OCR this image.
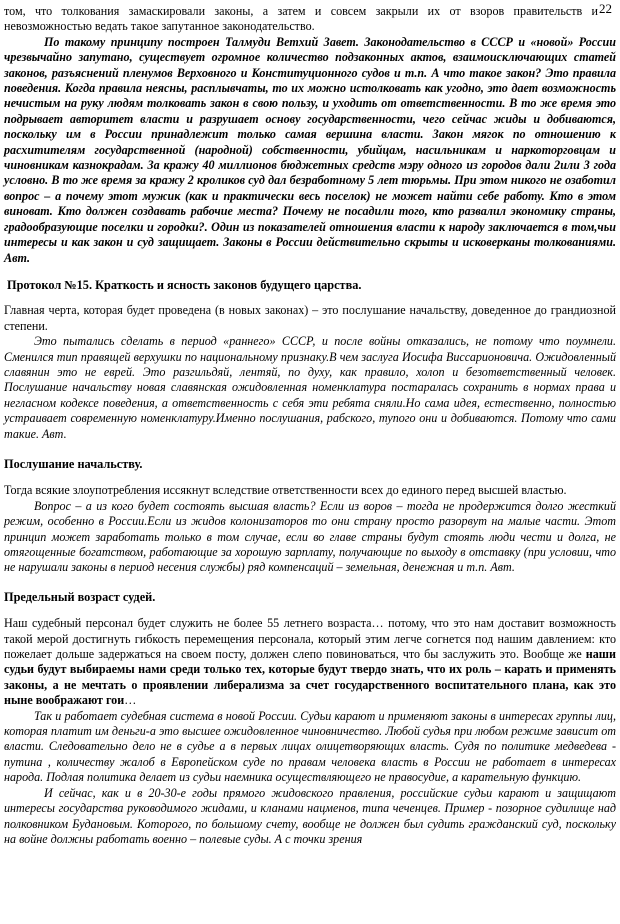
22

том, что толкования замаскировали законы, а затем и совсем закрыли их от взоров правительств и невозможностью ведать такое запутанное законодательство.

По такому принципу построен Талмуди Ветхий Завет. Законодательство в СССР и «новой» России чрезвычайно запутано, существует огромное количество подзаконных актов, взаимоисключающих статей законов, разъяснений пленумов Верховного и Конституционного судов и т.п. А что такое закон? Это правила поведения. Когда правила неясны, расплывчаты, то их можно истолковать как угодно, это дает возможность нечистым на руку людям толковать закон в свою пользу, и уходить от ответственности. В то же время это подрывает авторитет власти и разрушает основу государственности, чего сейчас жиды и добиваются, поскольку им в России принадлежит только самая вершина власти. Закон мягок по отношению к расхитителям государственной (народной) собственности, убийцам, насильникам и наркоторговцам и чиновникам казнокрадам. За кражу 40 миллионов бюджетных средств мэру одного из городов дали 2или 3 года условно. В то же время за кражу 2 кроликов суд дал безработному 5 лет тюрьмы. При этом никого не озаботил вопрос – а почему этот мужик (как и практически весь поселок) не может найти себе работу. Кто в этом виноват. Кто должен создавать рабочие места? Почему не посадили того, кто развалил экономику страны, градообразующие поселки и городки?. Один из показателей отношения власти к народу заключается в том,чьи интересы и как закон и суд защищает. Законы в России действительно скрыты и исковерканы толкованиями. Авт.

Протокол №15. Краткость и ясность законов будущего царства.

Главная черта, которая будет проведена (в новых законах) – это послушание начальству, доведенное до грандиозной степени.

Это пытались сделать в период «раннего» СССР, и после войны отказались, не потому что поумнели. Сменился тип правящей верхушки по национальному признаку.В чем заслуга Иосифа Виссарионовича. Ожидовленный славянин это не еврей. Это разгильдяй, лентяй, по духу, как правило, холоп и безответственный человек. Послушание начальству новая славянская ожидовленная номенклатура постаралась сохранить в нормах права и негласном кодексе поведения, а ответственность с себя эти ребята сняли.Но сама идея, естественно, полностью устраивает современную номенклатуру.Именно послушания, рабского, тупого они и добиваются. Потому что сами такие. Авт.

Послушание начальству.

Тогда всякие злоупотребления иссякнут вследствие ответственности всех до единого перед высшей властью.

Вопрос – а из кого будет состоять высшая власть? Если из воров – тогда не продержится долго жесткий режим, особенно в России.Если из жидов колонизаторов то они страну просто разорвут на малые части. Этот принцип может заработать только в том случае, если во главе страны будут стоять люди чести и долга, не отягощенные богатством, работающие за хорошую зарплату, получающие по выходу в отставку (при условии, что не нарушали законы в период несения службы) ряд компенсаций – земельная, денежная и т.п. Авт.

Предельный возраст судей.

Наш судебный персонал будет служить не более 55 летнего возраста… потому, что это нам доставит возможность такой мерой достигнуть гибкость перемещения персонала, который этим легче согнется под нашим давлением: кто пожелает дольше задержаться на своем посту, должен слепо повиноваться, что бы заслужить это. Вообще же наши судьи будут выбираемы нами среди только тех, которые будут твердо знать, что их роль – карать и применять законы, а не мечтать о проявлении либерализма за счет государственного воспитательного плана, как это ныне воображают гои…

Так и работает судебная система в новой России. Судьи карают и применяют законы в интересах группы лиц, которая платит им деньги-а это высшее ожидовленное чиновничество. Любой судья при любом режиме зависит от власти. Следовательно дело не в судье а в первых лицах олицетворяющих власть. Судя по политике медведева - путина , количеству жалоб в Европейском суде по правам человека власть в России не работает в интересах народа. Подлая политика делает из судьи наемника осуществляющего не правосудие, а карательную функцию.

И сейчас, как и в 20-30-е годы прямого жидовского правления, российские судьи карают и защищают интересы государства руководимого жидами, и кланами нацменов, типа чеченцев. Пример - позорное судилище над полковником Будановым. Которого, по большому счету, вообще не должен был судить гражданский суд, поскольку на войне должны работать военно – полевые суды. А с точки зрения
